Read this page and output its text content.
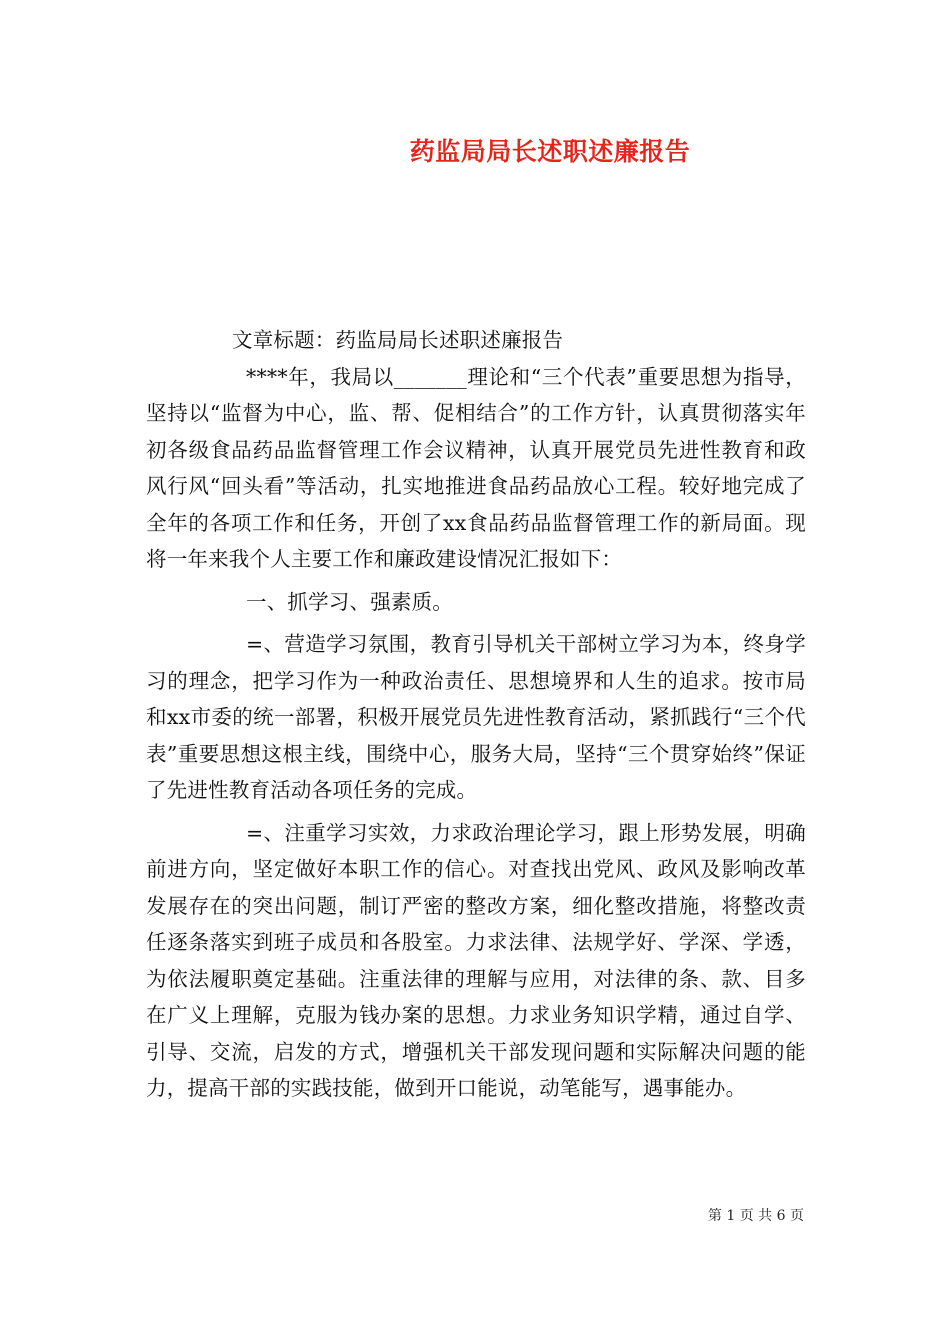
药监局局长述职述廉报告

文章标题：药监局局长述职述廉报告

****年，我局以_______理论和“三个代表”重要思想为指导，坚持以“监督为中心，监、帮、促相结合”的工作方针，认真贯彻落实年初各级食品药品监督管理工作会议精神，认真开展党员先进性教育和政风行风“回头看”等活动，扎实地推进食品药品放心工程。较好地完成了全年的各项工作和任务，开创了xx食品药品监督管理工作的新局面。现将一年来我个人主要工作和廉政建设情况汇报如下：

一、抓学习、强素质。

=、营造学习氛围，教育引导机关干部树立学习为本，终身学习的理念，把学习作为一种政治责任、思想境界和人生的追求。按市局和xx市委的统一部署，积极开展党员先进性教育活动，紧抓践行“三个代表”重要思想这根主线，围绕中心，服务大局，坚持“三个贯穿始终”保证了先进性教育活动各项任务的完成。

=、注重学习实效，力求政治理论学习，跟上形势发展，明确前进方向，坚定做好本职工作的信心。对查找出党风、政风及影响改革发展存在的突出问题，制订严密的整改方案，细化整改措施，将整改责任逐条落实到班子成员和各股室。力求法律、法规学好、学深、学透，为依法履职奠定基础。注重法律的理解与应用，对法律的条、款、目多在广义上理解，克服为钱办案的思想。力求业务知识学精，通过自学、引导、交流，启发的方式，增强机关干部发现问题和实际解决问题的能力，提高干部的实践技能，做到开口能说，动笔能写，遇事能办。

第 1 页 共 6 页
